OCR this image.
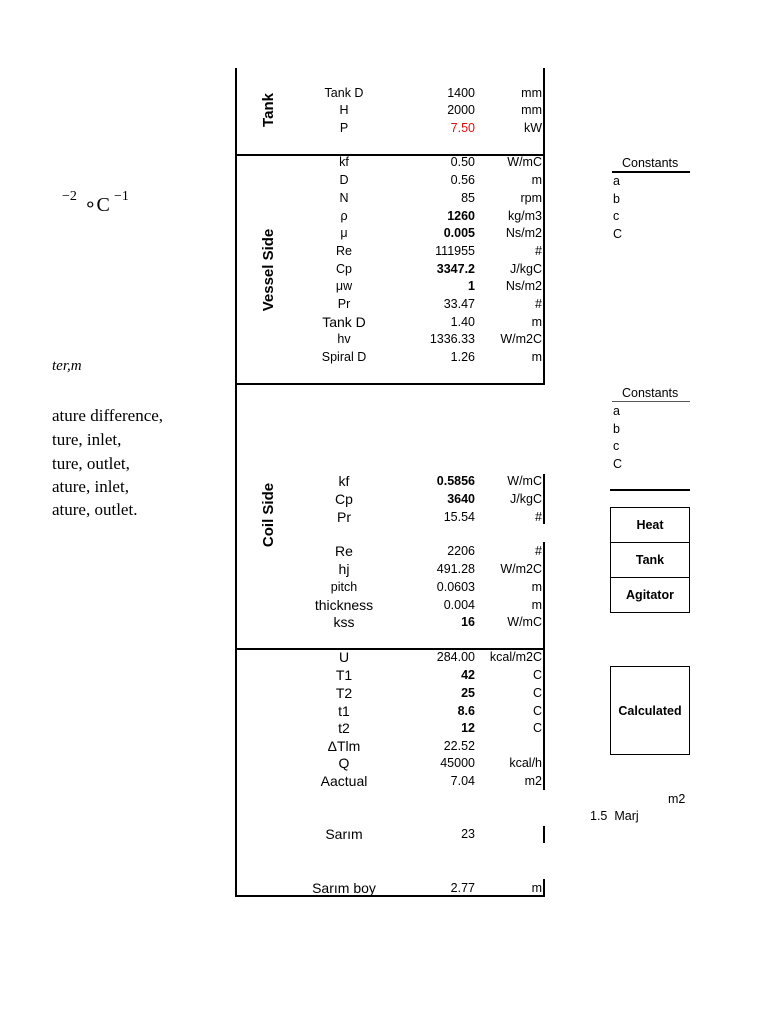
−2 ∘C −1
ter,m
ature difference,
ture, inlet,
ture, outlet,
ature, inlet,
ature, outlet.
Tank
Vessel Side
Coil Side
Tank D	1400	mm
H	2000	mm
P	7.50	kW
kf	0.50	W/mC
D	0.56	m
N	85	rpm
ρ	1260	kg/m3
μ	0.005 Ns/m2
Re	111955	#
Cp	3347.2	J/kgC
μw	1 Ns/m2
Pr	33.47	#
Tank D	1.40	m
hv	1336.33 W/m2C
Spiral D	1.26	m
kf	0.5856	W/mC
Cp	3640	J/kgC
Pr	15.54	#
Re	2206	#
hj	491.28 W/m2C
pitch	0.0603	m
thickness	0.004	m
kss	16	W/mC
U	284.00 kcal/m2C
T1	42	C
T2	25	C
t1	8.6	C
t2	12	C
ΔTlm	22.52
Q	45000	kcal/h
Aactual	7.04	m2
Sarım	23
Sarım boy	2.77	m
Constants
a
b
c
C
Constants
a
b
c
C
Heat
Tank
Agitator
Calculated
m2
1.5 Marj
